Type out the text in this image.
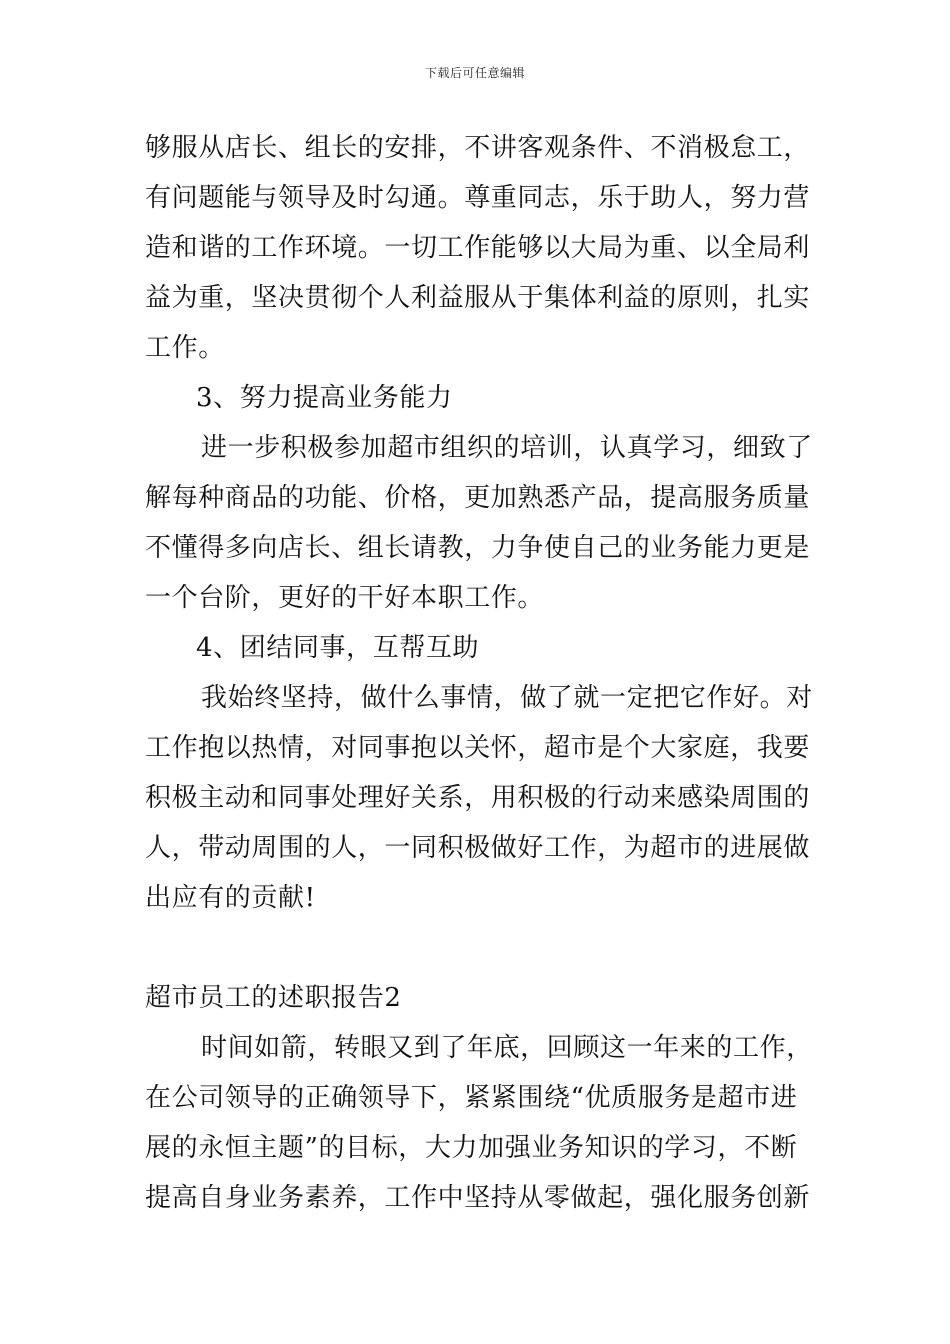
下载后可任意编辑
够服从店长、组长的安排，不讲客观条件、不消极怠工，
有问题能与领导及时勾通。尊重同志，乐于助人，努力营
造和谐的工作环境。一切工作能够以大局为重、以全局利
益为重，坚决贯彻个人利益服从于集体利益的原则，扎实
工作。
3、努力提高业务能力
进一步积极参加超市组织的培训，认真学习，细致了
解每种商品的功能、价格，更加熟悉产品，提高服务质量
不懂得多向店长、组长请教，力争使自己的业务能力更是
一个台阶，更好的干好本职工作。
4、团结同事，互帮互助
我始终坚持，做什么事情，做了就一定把它作好。对
工作抱以热情，对同事抱以关怀，超市是个大家庭，我要
积极主动和同事处理好关系，用积极的行动来感染周围的
人，带动周围的人，一同积极做好工作，为超市的进展做
出应有的贡献!
超市员工的述职报告2
时间如箭，转眼又到了年底，回顾这一年来的工作，
在公司领导的正确领导下，紧紧围绕“优质服务是超市进
展的永恒主题”的目标，大力加强业务知识的学习，不断
提高自身业务素养，工作中坚持从零做起，强化服务创新
